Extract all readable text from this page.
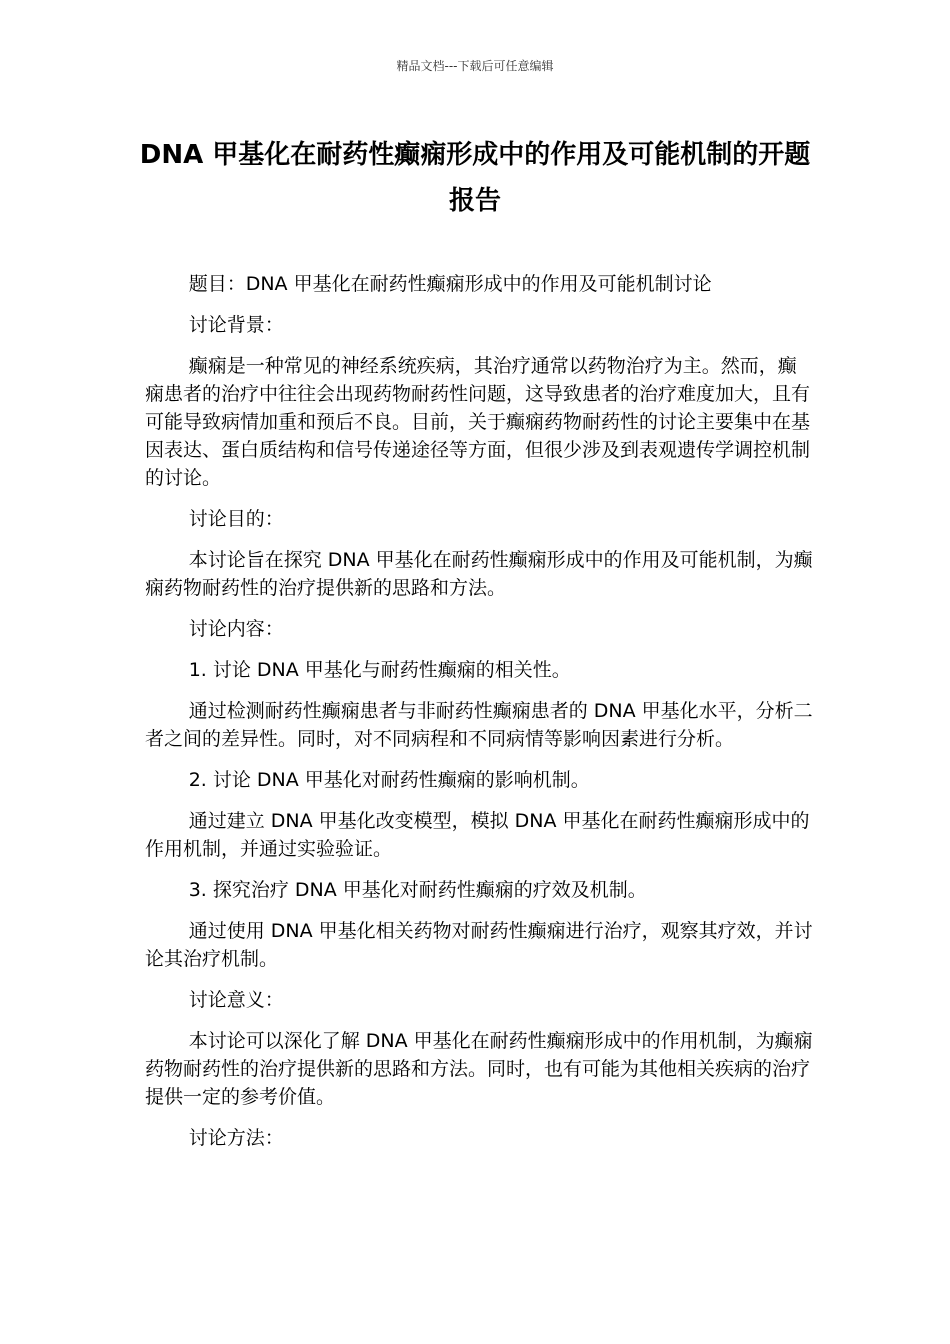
精品文档---下载后可任意编辑
DNA 甲基化在耐药性癫痫形成中的作用及可能机制的开题报告

题目：DNA 甲基化在耐药性癫痫形成中的作用及可能机制讨论

讨论背景：

癫痫是一种常见的神经系统疾病，其治疗通常以药物治疗为主。然而，癫痫患者的治疗中往往会出现药物耐药性问题，这导致患者的治疗难度加大，且有可能导致病情加重和预后不良。目前，关于癫痫药物耐药性的讨论主要集中在基因表达、蛋白质结构和信号传递途径等方面，但很少涉及到表观遗传学调控机制的讨论。

讨论目的：

本讨论旨在探究 DNA 甲基化在耐药性癫痫形成中的作用及可能机制，为癫痫药物耐药性的治疗提供新的思路和方法。

讨论内容：

1. 讨论 DNA 甲基化与耐药性癫痫的相关性。

通过检测耐药性癫痫患者与非耐药性癫痫患者的 DNA 甲基化水平，分析二者之间的差异性。同时，对不同病程和不同病情等影响因素进行分析。

2. 讨论 DNA 甲基化对耐药性癫痫的影响机制。

通过建立 DNA 甲基化改变模型，模拟 DNA 甲基化在耐药性癫痫形成中的作用机制，并通过实验验证。

3. 探究治疗 DNA 甲基化对耐药性癫痫的疗效及机制。

通过使用 DNA 甲基化相关药物对耐药性癫痫进行治疗，观察其疗效，并讨论其治疗机制。

讨论意义：

本讨论可以深化了解 DNA 甲基化在耐药性癫痫形成中的作用机制，为癫痫药物耐药性的治疗提供新的思路和方法。同时，也有可能为其他相关疾病的治疗提供一定的参考价值。

讨论方法：
